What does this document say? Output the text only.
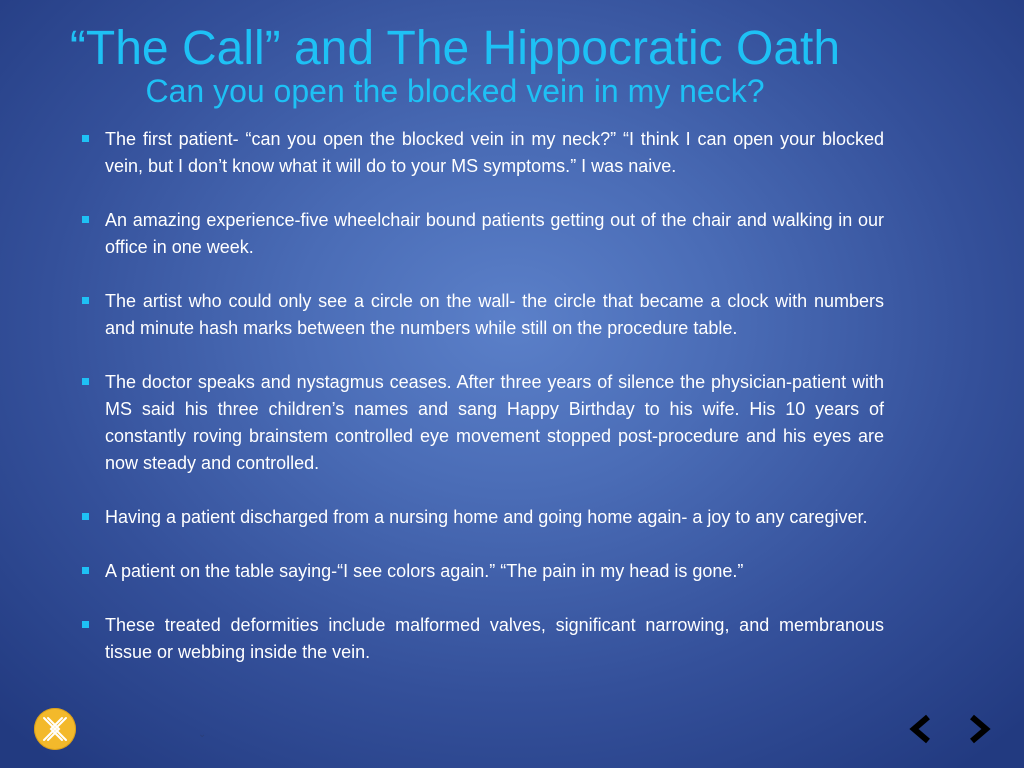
“The Call” and The Hippocratic Oath
Can you open the blocked vein in my neck?
The first patient- “can you open the blocked vein in my neck?” “I think I can open your blocked vein, but I don’t know what it will do to your MS symptoms.” I was naive.
An amazing experience-five wheelchair bound patients getting out of the chair and walking in our office in one week.
The artist who could only see a circle on the wall- the circle that became a clock with numbers and minute hash marks between the numbers while still on the procedure table.
The doctor speaks and nystagmus ceases. After three years of silence the physician-patient with MS said his three children’s names and sang Happy Birthday to his wife. His 10 years of constantly roving brainstem controlled eye movement stopped post-procedure and his eyes are now steady and controlled.
Having a patient discharged from a nursing home and going home again- a joy to any caregiver.
A patient on the table saying-“I see colors again.” “The pain in my head is gone.”
These treated deformities include malformed valves, significant narrowing, and membranous tissue or webbing inside the vein.
⌄
